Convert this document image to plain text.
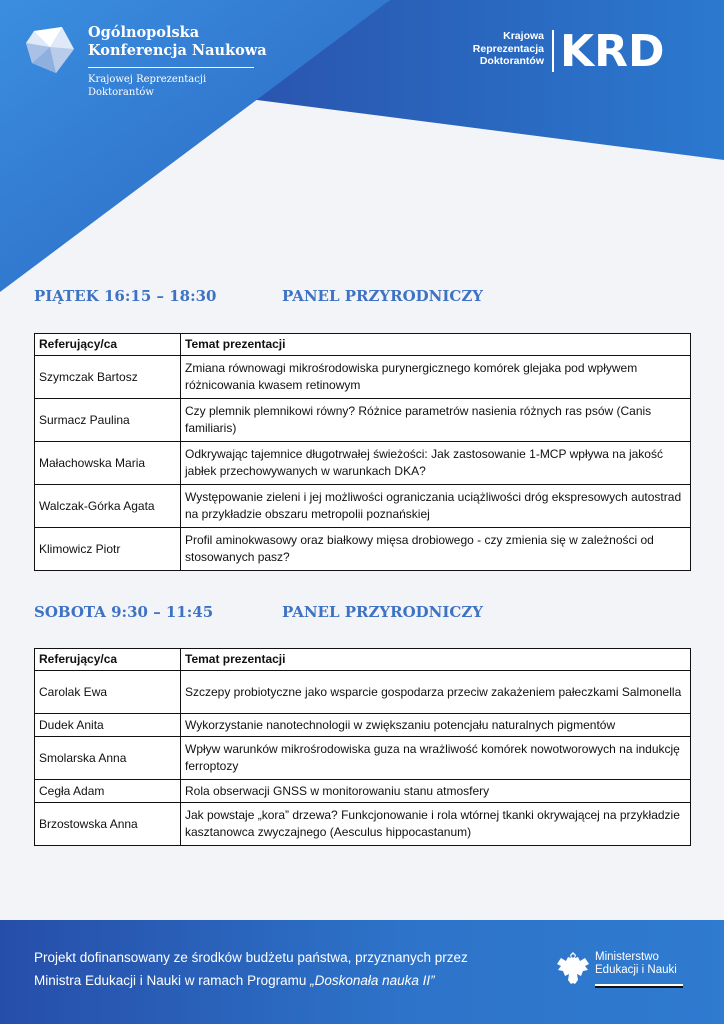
Ogólnopolska
Konferencja Naukowa
Krajowej Reprezentacji
Doktorantów
Krajowa
Reprezentacja
Doktorantów KRD
PIĄTEK 16:15 – 18:30	PANEL PRZYRODNICZY
Referujący/ca	Temat prezentacji
Szymczak Bartosz	Zmiana równowagi mikrośrodowiska purynergicznego komórek glejaka pod wpływem różnicowania kwasem retinowym
Surmacz Paulina	Czy plemnik plemnikowi równy? Różnice parametrów nasienia różnych ras psów (Canis familiaris)
Małachowska Maria	Odkrywając tajemnice długotrwałej świeżości: Jak zastosowanie 1-MCP wpływa na jakość jabłek przechowywanych w warunkach DKA?
Walczak-Górka Agata	Występowanie zieleni i jej możliwości ograniczania uciążliwości dróg ekspresowych autostrad na przykładzie obszaru metropolii poznańskiej
Klimowicz Piotr	Profil aminokwasowy oraz białkowy mięsa drobiowego - czy zmienia się w zależności od stosowanych pasz?
SOBOTA 9:30 – 11:45	PANEL PRZYRODNICZY
Referujący/ca	Temat prezentacji
Carolak Ewa	Szczepy probiotyczne jako wsparcie gospodarza przeciw zakażeniem pałeczkami Salmonella
Dudek Anita	Wykorzystanie nanotechnologii w zwiększaniu potencjału naturalnych pigmentów
Smolarska Anna	Wpływ warunków mikrośrodowiska guza na wrażliwość komórek nowotworowych na indukcję ferroptozy
Cegła Adam	Rola obserwacji GNSS w monitorowaniu stanu atmosfery
Brzostowska Anna	Jak powstaje „kora” drzewa? Funkcjonowanie i rola wtórnej tkanki okrywającej na przykładzie kasztanowca zwyczajnego (Aesculus hippocastanum)
Projekt dofinansowany ze środków budżetu państwa, przyznanych przez
Ministra Edukacji i Nauki w ramach Programu „Doskonała nauka II”
Ministerstwo
Edukacji i Nauki
